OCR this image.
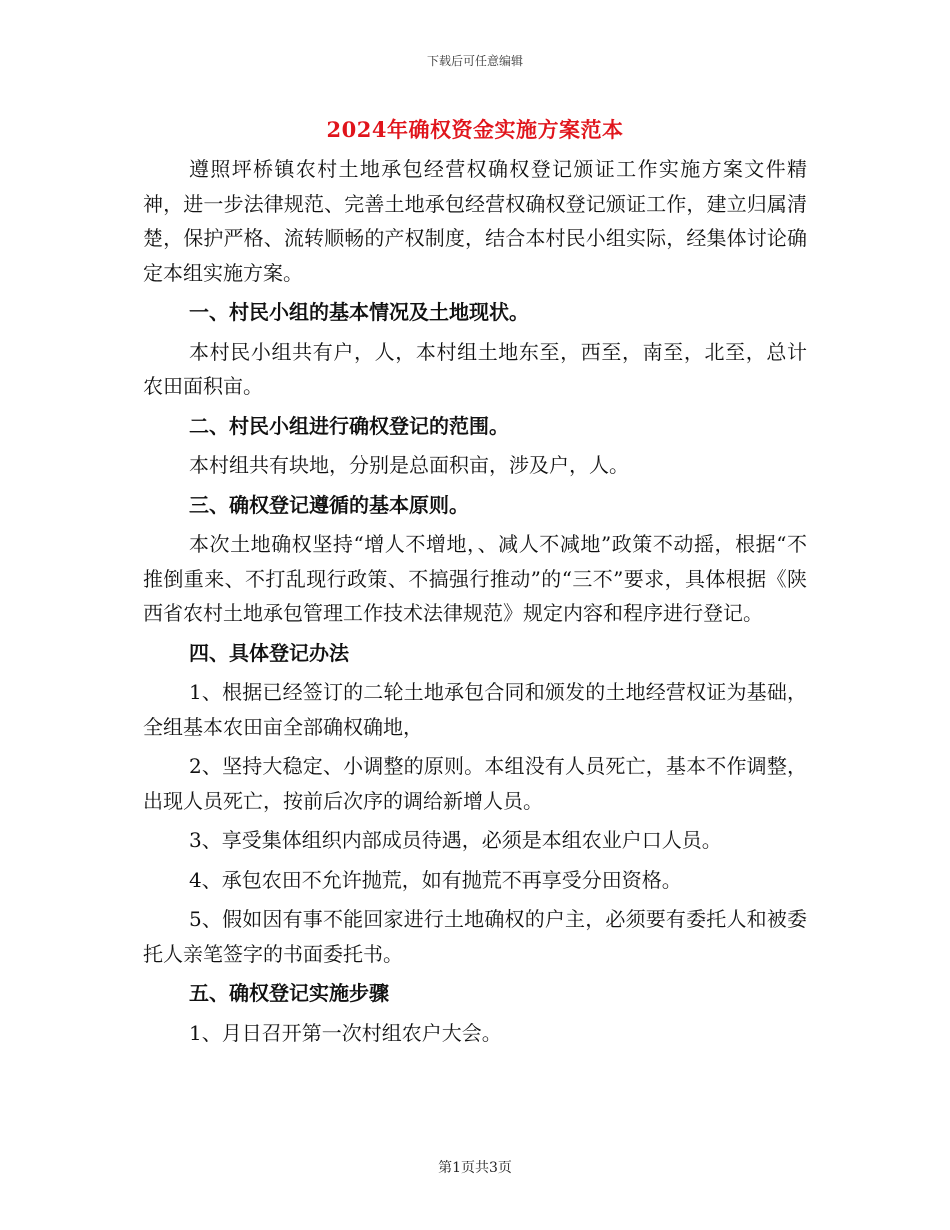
下载后可任意编辑
2024年确权资金实施方案范本

遵照坪桥镇农村土地承包经营权确权登记颁证工作实施方案文件精神，进一步法律规范、完善土地承包经营权确权登记颁证工作，建立归属清楚，保护严格、流转顺畅的产权制度，结合本村民小组实际，经集体讨论确定本组实施方案。

一、村民小组的基本情况及土地现状。

本村民小组共有户，人，本村组土地东至，西至，南至，北至，总计农田面积亩。

二、村民小组进行确权登记的范围。

本村组共有块地，分别是总面积亩，涉及户，人。

三、确权登记遵循的基本原则。

本次土地确权坚持“增人不增地，、减人不减地”政策不动摇，根据“不推倒重来、不打乱现行政策、不搞强行推动”的“三不”要求，具体根据《陕西省农村土地承包管理工作技术法律规范》规定内容和程序进行登记。

四、具体登记办法

1、根据已经签订的二轮土地承包合同和颁发的土地经营权证为基础，全组基本农田亩全部确权确地，

2、坚持大稳定、小调整的原则。本组没有人员死亡，基本不作调整，出现人员死亡，按前后次序的调给新增人员。

3、享受集体组织内部成员待遇，必须是本组农业户口人员。

4、承包农田不允许抛荒，如有抛荒不再享受分田资格。

5、假如因有事不能回家进行土地确权的户主，必须要有委托人和被委托人亲笔签字的书面委托书。

五、确权登记实施步骤

1、月日召开第一次村组农户大会。

第1页共3页
